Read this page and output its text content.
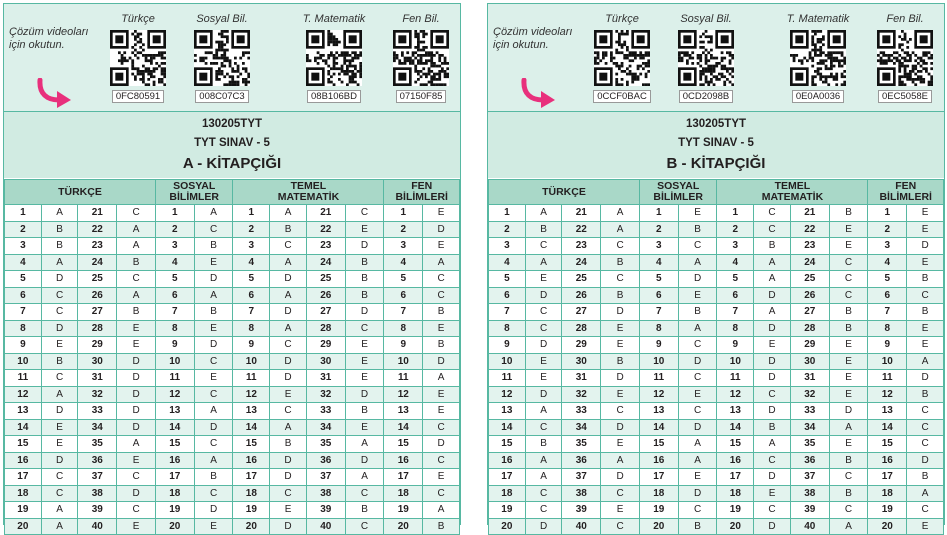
Çözüm videoları
için okutun.
Türkçe
0FC80591
Sosyal Bil.
008C07C3
T. Matematik
08B106BD
Fen Bil.
07150F85
130205TYT
TYT SINAV - 5
A - KİTAPÇIĞI
TÜRKÇE				SOSYAL
BİLİMLER		TEMEL
MATEMATİK				FEN
BİLİMLERİ	
1	A	21	C	1	A	1	A	21	C	1	E
2	B	22	A	2	C	2	B	22	E	2	D
3	B	23	A	3	B	3	C	23	D	3	E
4	A	24	B	4	E	4	A	24	B	4	A
5	D	25	C	5	D	5	D	25	B	5	C
6	C	26	A	6	A	6	A	26	B	6	C
7	C	27	B	7	B	7	D	27	D	7	B
8	D	28	E	8	E	8	A	28	C	8	E
9	E	29	E	9	D	9	C	29	E	9	B
10	B	30	D	10	C	10	D	30	E	10	D
11	C	31	D	11	E	11	D	31	E	11	A
12	A	32	D	12	C	12	E	32	D	12	E
13	D	33	D	13	A	13	C	33	B	13	E
14	E	34	D	14	D	14	A	34	E	14	C
15	E	35	A	15	C	15	B	35	A	15	D
16	D	36	E	16	A	16	D	36	D	16	C
17	C	37	C	17	B	17	D	37	A	17	E
18	C	38	D	18	C	18	C	38	C	18	C
19	A	39	C	19	D	19	E	39	B	19	A
20	A	40	E	20	E	20	D	40	C	20	B
Çözüm videoları
için okutun.
Türkçe
0CCF0BAC
Sosyal Bil.
0CD2098B
T. Matematik
0E0A0036
Fen Bil.
0EC5058E
130205TYT
TYT SINAV - 5
B - KİTAPÇIĞI
TÜRKÇE				SOSYAL
BİLİMLER		TEMEL
MATEMATİK				FEN
BİLİMLERİ	
1	A	21	A	1	E	1	C	21	B	1	E
2	B	22	A	2	B	2	C	22	E	2	E
3	C	23	C	3	C	3	B	23	E	3	D
4	A	24	B	4	A	4	A	24	C	4	E
5	E	25	C	5	D	5	A	25	C	5	B
6	D	26	B	6	E	6	D	26	C	6	C
7	C	27	D	7	B	7	A	27	B	7	B
8	C	28	E	8	A	8	D	28	B	8	E
9	D	29	E	9	C	9	E	29	E	9	E
10	E	30	B	10	D	10	D	30	E	10	A
11	E	31	D	11	C	11	D	31	E	11	D
12	D	32	E	12	E	12	C	32	E	12	B
13	A	33	C	13	C	13	D	33	D	13	C
14	C	34	D	14	D	14	B	34	A	14	C
15	B	35	E	15	A	15	A	35	E	15	C
16	A	36	A	16	A	16	C	36	B	16	D
17	A	37	D	17	E	17	D	37	C	17	B
18	C	38	C	18	D	18	E	38	B	18	A
19	C	39	E	19	C	19	C	39	C	19	C
20	D	40	C	20	B	20	D	40	A	20	E
